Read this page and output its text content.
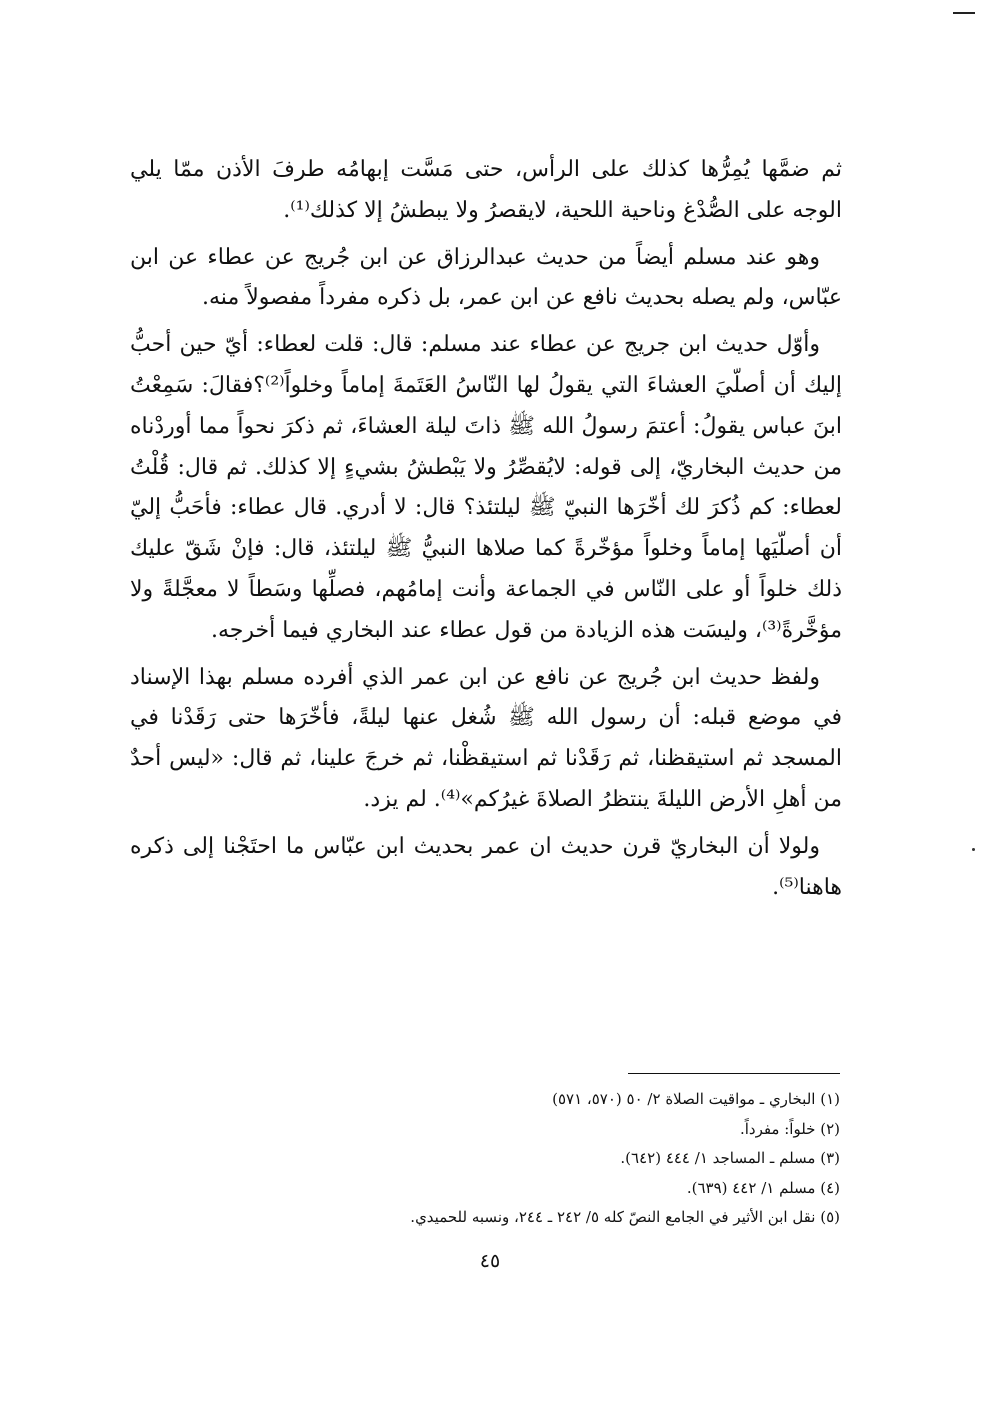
ثم ضمَّها يُمِرُّها كذلك على الرأس، حتى مَسَّت إبهامُه طرفَ الأذن ممّا يلي الوجه على الصُّدْغ وناحية اللحية، لايقصرُ ولا يبطشُ إلا كذلك⁽¹⁾.

وهو عند مسلم أيضاً من حديث عبدالرزاق عن ابن جُريج عن عطاء عن ابن عبّاس، ولم يصله بحديث نافع عن ابن عمر، بل ذكره مفرداً مفصولاً منه.

وأوّل حديث ابن جريج عن عطاء عند مسلم: قال: قلت لعطاء: أيّ حين أحبُّ إليك أن أصلّيَ العشاءَ التي يقولُ لها النّاسُ العَتَمةَ إماماً وخلواً⁽²⁾؟فقالَ: سَمِعْتُ ابنَ عباس يقولُ: أعتمَ رسولُ الله ﷺ ذاتَ ليلة العشاءَ، ثم ذكرَ نحواً مما أوردْناه من حديث البخاريّ، إلى قوله: لايُقصِّرُ ولا يَبْطشُ بشيءٍ إلا كذلك. ثم قال: قُلْتُ لعطاء: كم ذُكرَ لك أخّرَها النبيّ ﷺ ليلتئذ؟ قال: لا أدري. قال عطاء: فأحَبُّ إليّ أن أصلّيَها إماماً وخلواً مؤخّرةً كما صلاها النبيُّ ﷺ ليلتئذ، قال: فإنْ شَقّ عليك ذلك خلواً أو على النّاس في الجماعة وأنت إمامُهم، فصلِّها وسَطاً لا معجَّلةً ولا مؤخَّرةً⁽³⁾، وليسَت هذه الزيادة من قول عطاء عند البخاري فيما أخرجه.

ولفظ حديث ابن جُريج عن نافع عن ابن عمر الذي أفرده مسلم بهذا الإسناد في موضع قبله: أن رسول الله ﷺ شُغل عنها ليلةً، فأخّرَها حتى رَقَدْنا في المسجد ثم استيقظنا، ثم رَقَدْنا ثم استيقظْنا، ثم خرجَ علينا، ثم قال: «ليس أحدٌ من أهلِ الأرض الليلةَ ينتظرُ الصلاةَ غيرُكم»⁽⁴⁾. لم يزد.

ولولا أن البخاريّ قرن حديث ان عمر بحديث ابن عبّاس ما احتَجْنا إلى ذكره هاهنا⁽⁵⁾.

(١) البخاري ـ مواقيت الصلاة ٢/ ٥٠ (٥٧٠، ٥٧١)
(٢) خلواً: مفرداً.
(٣) مسلم ـ المساجد ١/ ٤٤٤ (٦٤٢).
(٤) مسلم ١/ ٤٤٢ (٦٣٩).
(٥) نقل ابن الأثير في الجامع النصّ كله ٥/ ٢٤٢ ـ ٢٤٤، ونسبه للحميدي.
٤٥
